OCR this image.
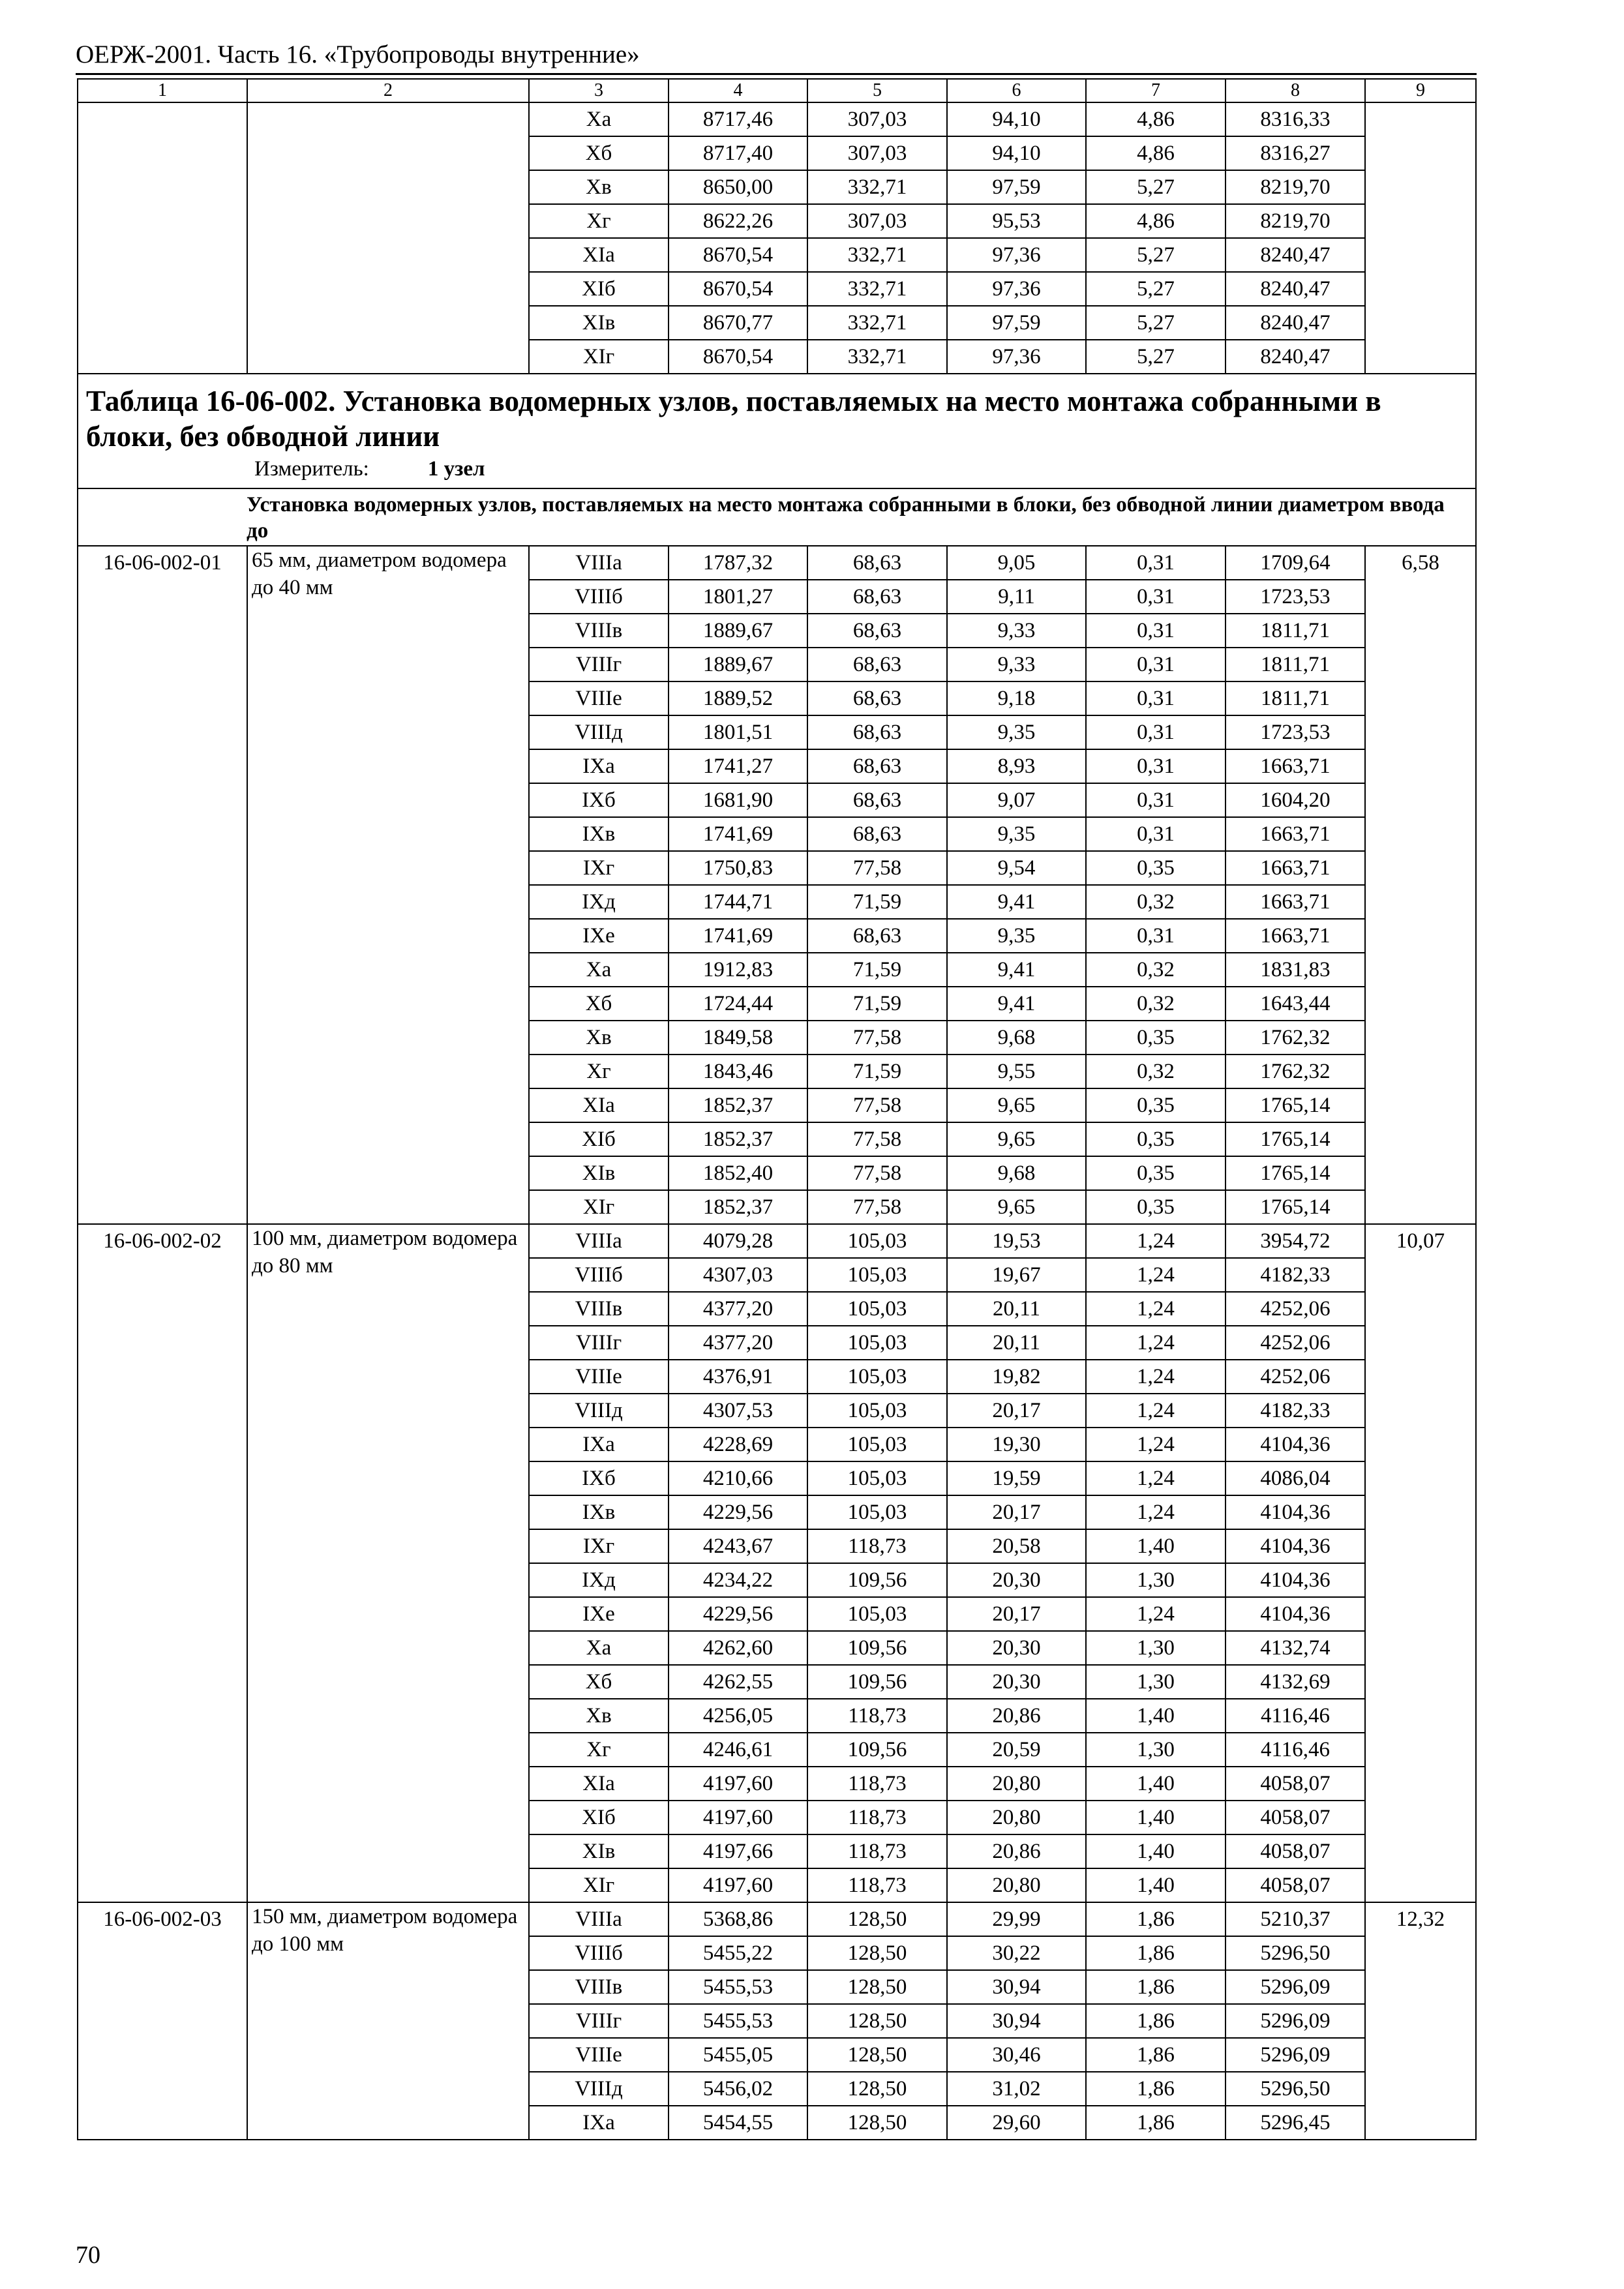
ОЕРЖ-2001. Часть 16. «Трубопроводы внутренние»
1	2	3	4	5	6	7	8	9
		Xa	8717,46	307,03	94,10	4,86	8316,33	
		Xб	8717,40	307,03	94,10	4,86	8316,27	
		Xв	8650,00	332,71	97,59	5,27	8219,70	
		Xг	8622,26	307,03	95,53	4,86	8219,70	
		XIa	8670,54	332,71	97,36	5,27	8240,47	
		XIб	8670,54	332,71	97,36	5,27	8240,47	
		XIв	8670,77	332,71	97,59	5,27	8240,47	
		XIг	8670,54	332,71	97,36	5,27	8240,47	

Таблица 16-06-002. Установка водомерных узлов, поставляемых на место монтажа собранными в блоки, без обводной линии
Измеритель: 1 узел								

Установка водомерных узлов, поставляемых на место монтажа собранными в блоки, без обводной линии диаметром ввода до								
16-06-002-01	65 мм, диаметром водомера до 40 мм	VIIIa	1787,32	68,63	9,05	0,31	1709,64	6,58
		VIIIб	1801,27	68,63	9,11	0,31	1723,53	
		VIIIв	1889,67	68,63	9,33	0,31	1811,71	
		VIIIг	1889,67	68,63	9,33	0,31	1811,71	
		VIIIe	1889,52	68,63	9,18	0,31	1811,71	
		VIIIд	1801,51	68,63	9,35	0,31	1723,53	
		IXa	1741,27	68,63	8,93	0,31	1663,71	
		IXб	1681,90	68,63	9,07	0,31	1604,20	
		IXв	1741,69	68,63	9,35	0,31	1663,71	
		IXг	1750,83	77,58	9,54	0,35	1663,71	
		IXд	1744,71	71,59	9,41	0,32	1663,71	
		IXe	1741,69	68,63	9,35	0,31	1663,71	
		Xa	1912,83	71,59	9,41	0,32	1831,83	
		Xб	1724,44	71,59	9,41	0,32	1643,44	
		Xв	1849,58	77,58	9,68	0,35	1762,32	
		Xг	1843,46	71,59	9,55	0,32	1762,32	
		XIa	1852,37	77,58	9,65	0,35	1765,14	
		XIб	1852,37	77,58	9,65	0,35	1765,14	
		XIв	1852,40	77,58	9,68	0,35	1765,14	
		XIг	1852,37	77,58	9,65	0,35	1765,14	
16-06-002-02	100 мм, диаметром водомера до 80 мм	VIIIa	4079,28	105,03	19,53	1,24	3954,72	10,07
		VIIIб	4307,03	105,03	19,67	1,24	4182,33	
		VIIIв	4377,20	105,03	20,11	1,24	4252,06	
		VIIIг	4377,20	105,03	20,11	1,24	4252,06	
		VIIIe	4376,91	105,03	19,82	1,24	4252,06	
		VIIIд	4307,53	105,03	20,17	1,24	4182,33	
		IXa	4228,69	105,03	19,30	1,24	4104,36	
		IXб	4210,66	105,03	19,59	1,24	4086,04	
		IXв	4229,56	105,03	20,17	1,24	4104,36	
		IXг	4243,67	118,73	20,58	1,40	4104,36	
		IXд	4234,22	109,56	20,30	1,30	4104,36	
		IXe	4229,56	105,03	20,17	1,24	4104,36	
		Xa	4262,60	109,56	20,30	1,30	4132,74	
		Xб	4262,55	109,56	20,30	1,30	4132,69	
		Xв	4256,05	118,73	20,86	1,40	4116,46	
		Xг	4246,61	109,56	20,59	1,30	4116,46	
		XIa	4197,60	118,73	20,80	1,40	4058,07	
		XIб	4197,60	118,73	20,80	1,40	4058,07	
		XIв	4197,66	118,73	20,86	1,40	4058,07	
		XIг	4197,60	118,73	20,80	1,40	4058,07	
16-06-002-03	150 мм, диаметром водомера до 100 мм	VIIIa	5368,86	128,50	29,99	1,86	5210,37	12,32
		VIIIб	5455,22	128,50	30,22	1,86	5296,50	
		VIIIв	5455,53	128,50	30,94	1,86	5296,09	
		VIIIг	5455,53	128,50	30,94	1,86	5296,09	
		VIIIe	5455,05	128,50	30,46	1,86	5296,09	
		VIIIд	5456,02	128,50	31,02	1,86	5296,50	
		IXa	5454,55	128,50	29,60	1,86	5296,45	
70
